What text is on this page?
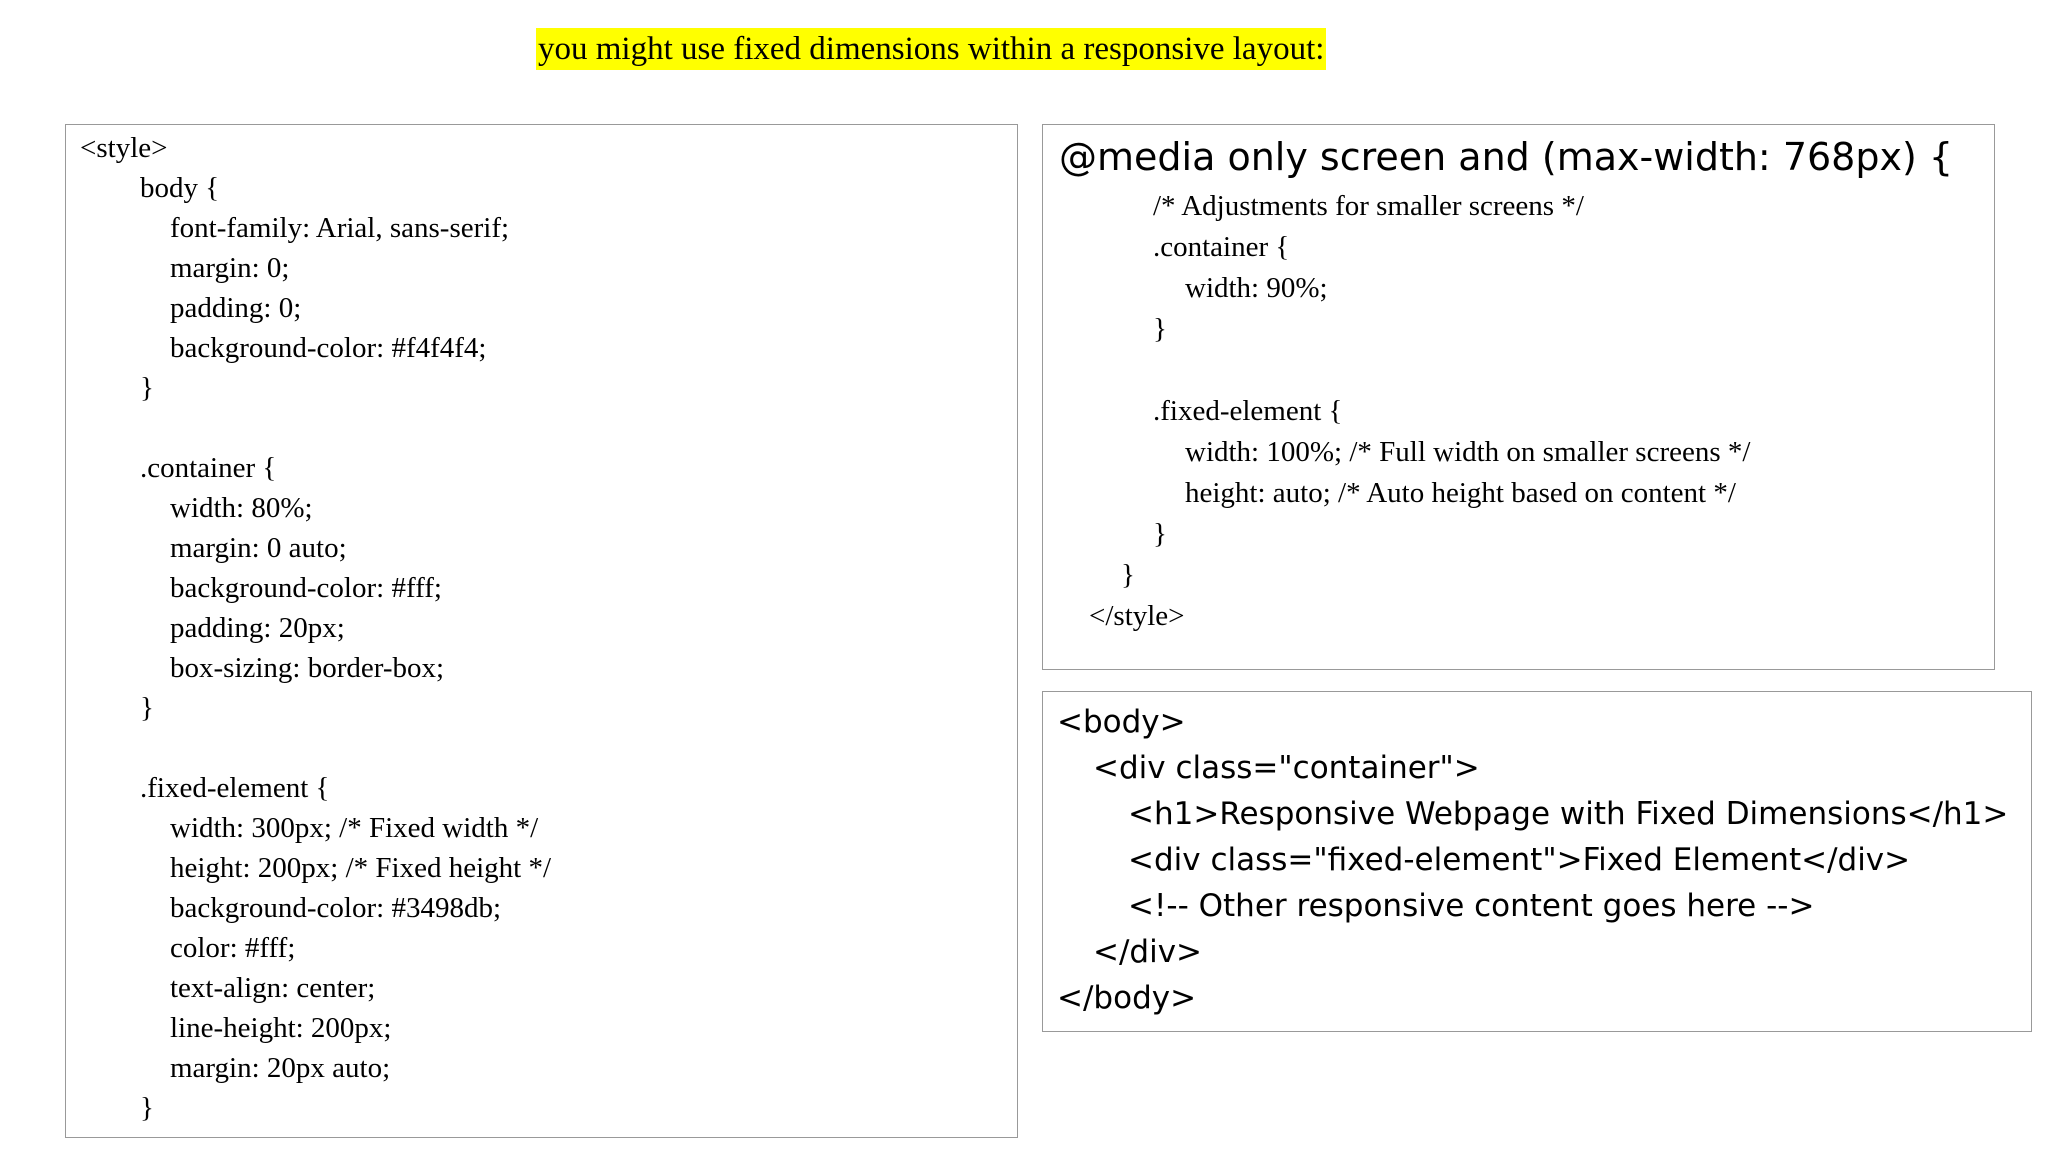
you might use fixed dimensions within a responsive layout:
<style>
body {
font-family: Arial, sans-serif;
margin: 0;
padding: 0;
background-color: #f4f4f4;
}
.container {
width: 80%;
margin: 0 auto;
background-color: #fff;
padding: 20px;
box-sizing: border-box;
}
.fixed-element {
width: 300px; /* Fixed width */
height: 200px; /* Fixed height */
background-color: #3498db;
color: #fff;
text-align: center;
line-height: 200px;
margin: 20px auto;
}
@media only screen and (max-width: 768px) {
/* Adjustments for smaller screens */
.container {
width: 90%;
}
.fixed-element {
width: 100%; /* Full width on smaller screens */
height: auto; /* Auto height based on content */
}
}
</style>
<body>
<div class="container">
<h1>Responsive Webpage with Fixed Dimensions</h1>
<div class="fixed-element">Fixed Element</div>
<!-- Other responsive content goes here -->
</div>
</body>
